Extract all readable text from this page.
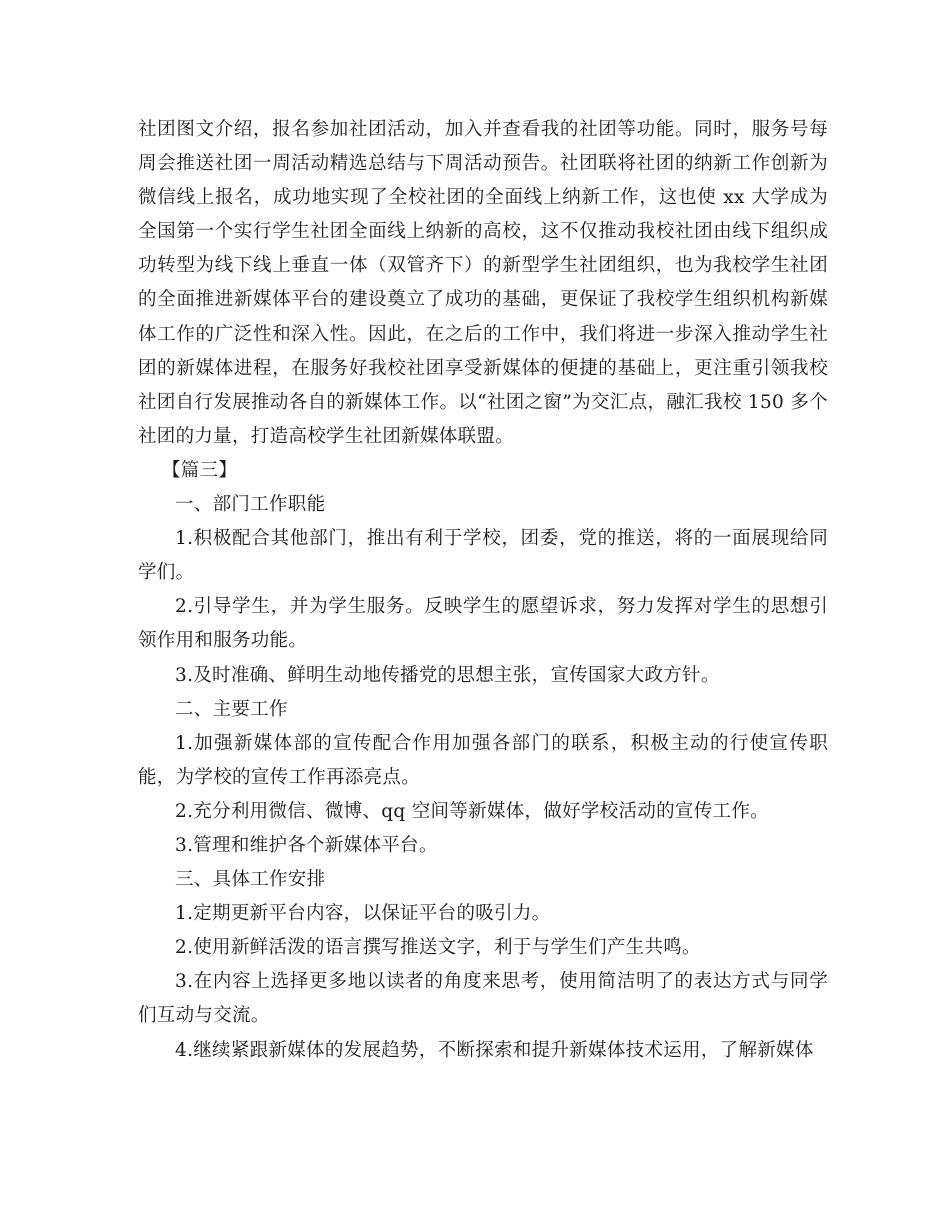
社团图文介绍，报名参加社团活动，加入并查看我的社团等功能。同时，服务号每周会推送社团一周活动精选总结与下周活动预告。社团联将社团的纳新工作创新为微信线上报名，成功地实现了全校社团的全面线上纳新工作，这也使 xx 大学成为全国第一个实行学生社团全面线上纳新的高校，这不仅推动我校社团由线下组织成功转型为线下线上垂直一体（双管齐下）的新型学生社团组织，也为我校学生社团的全面推进新媒体平台的建设奠立了成功的基础，更保证了我校学生组织机构新媒体工作的广泛性和深入性。因此，在之后的工作中，我们将进一步深入推动学生社团的新媒体进程，在服务好我校社团享受新媒体的便捷的基础上，更注重引领我校社团自行发展推动各自的新媒体工作。以“社团之窗”为交汇点，融汇我校 150 多个社团的力量，打造高校学生社团新媒体联盟。

【篇三】

一、部门工作职能

1.积极配合其他部门，推出有利于学校，团委，党的推送，将的一面展现给同学们。

2.引导学生，并为学生服务。反映学生的愿望诉求，努力发挥对学生的思想引领作用和服务功能。

3.及时准确、鲜明生动地传播党的思想主张，宣传国家大政方针。

二、主要工作

1.加强新媒体部的宣传配合作用加强各部门的联系，积极主动的行使宣传职能，为学校的宣传工作再添亮点。

2.充分利用微信、微博、qq 空间等新媒体，做好学校活动的宣传工作。

3.管理和维护各个新媒体平台。

三、具体工作安排

1.定期更新平台内容，以保证平台的吸引力。

2.使用新鲜活泼的语言撰写推送文字，利于与学生们产生共鸣。

3.在内容上选择更多地以读者的角度来思考，使用简洁明了的表达方式与同学们互动与交流。

4.继续紧跟新媒体的发展趋势，不断探索和提升新媒体技术运用，了解新媒体
